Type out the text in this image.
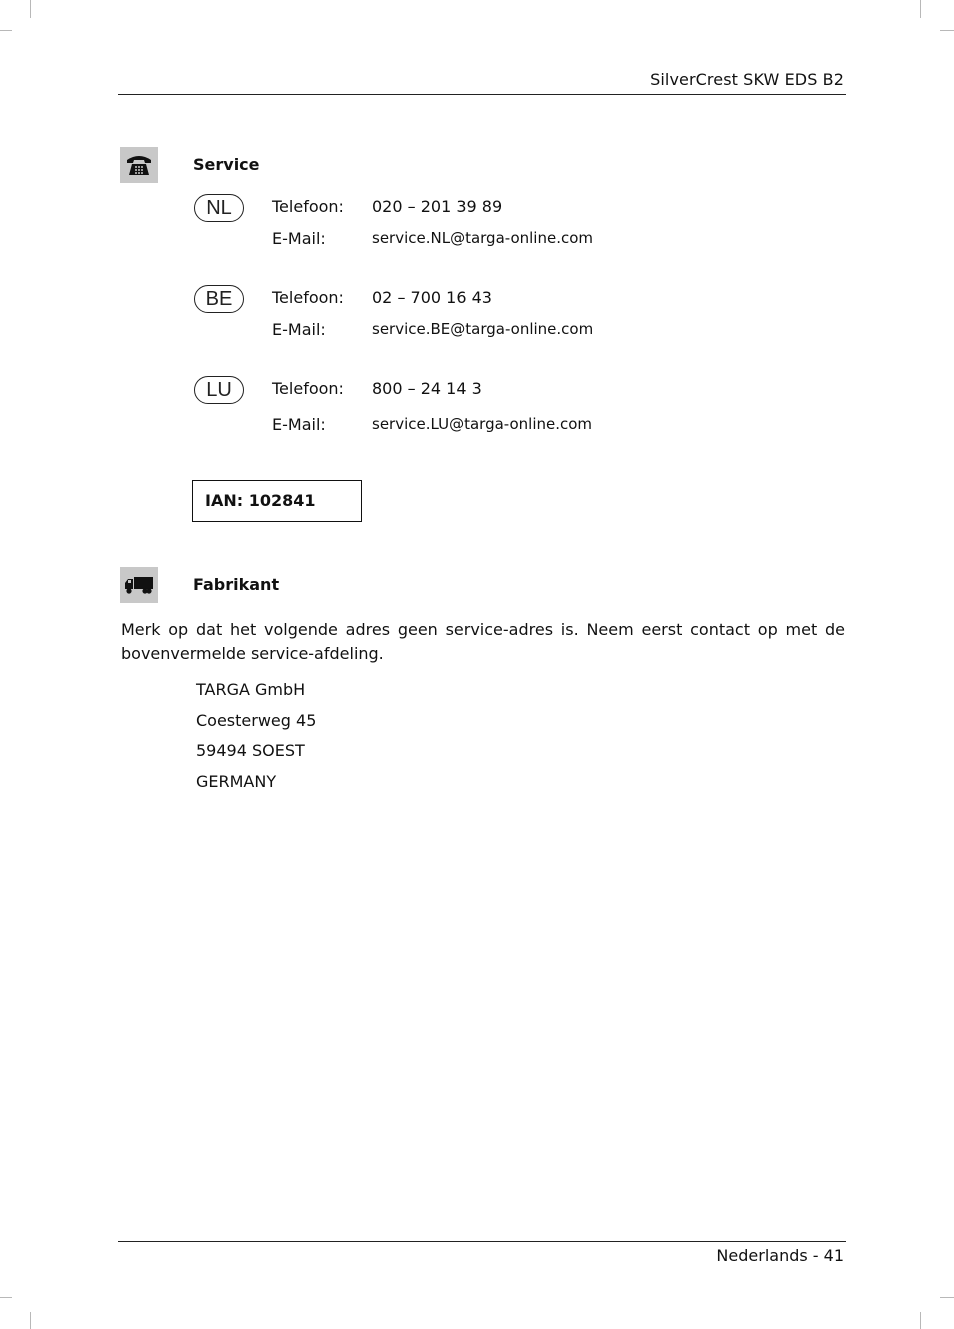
SilverCrest SKW EDS B2
Service
NL	Telefoon: 020 – 201 39 89
E-Mail:	service.NL@targa-online.com
BE	Telefoon: 02 – 700 16 43
E-Mail:	service.BE@targa-online.com
LU	Telefoon: 800 – 24 14 3
E-Mail:	service.LU@targa-online.com
IAN: 102841
Fabrikant
Merk op dat het volgende adres geen service-adres is. Neem eerst contact op met de bovenvermelde service-afdeling.
TARGA GmbH
Coesterweg 45
59494 SOEST
GERMANY
Nederlands - 41
